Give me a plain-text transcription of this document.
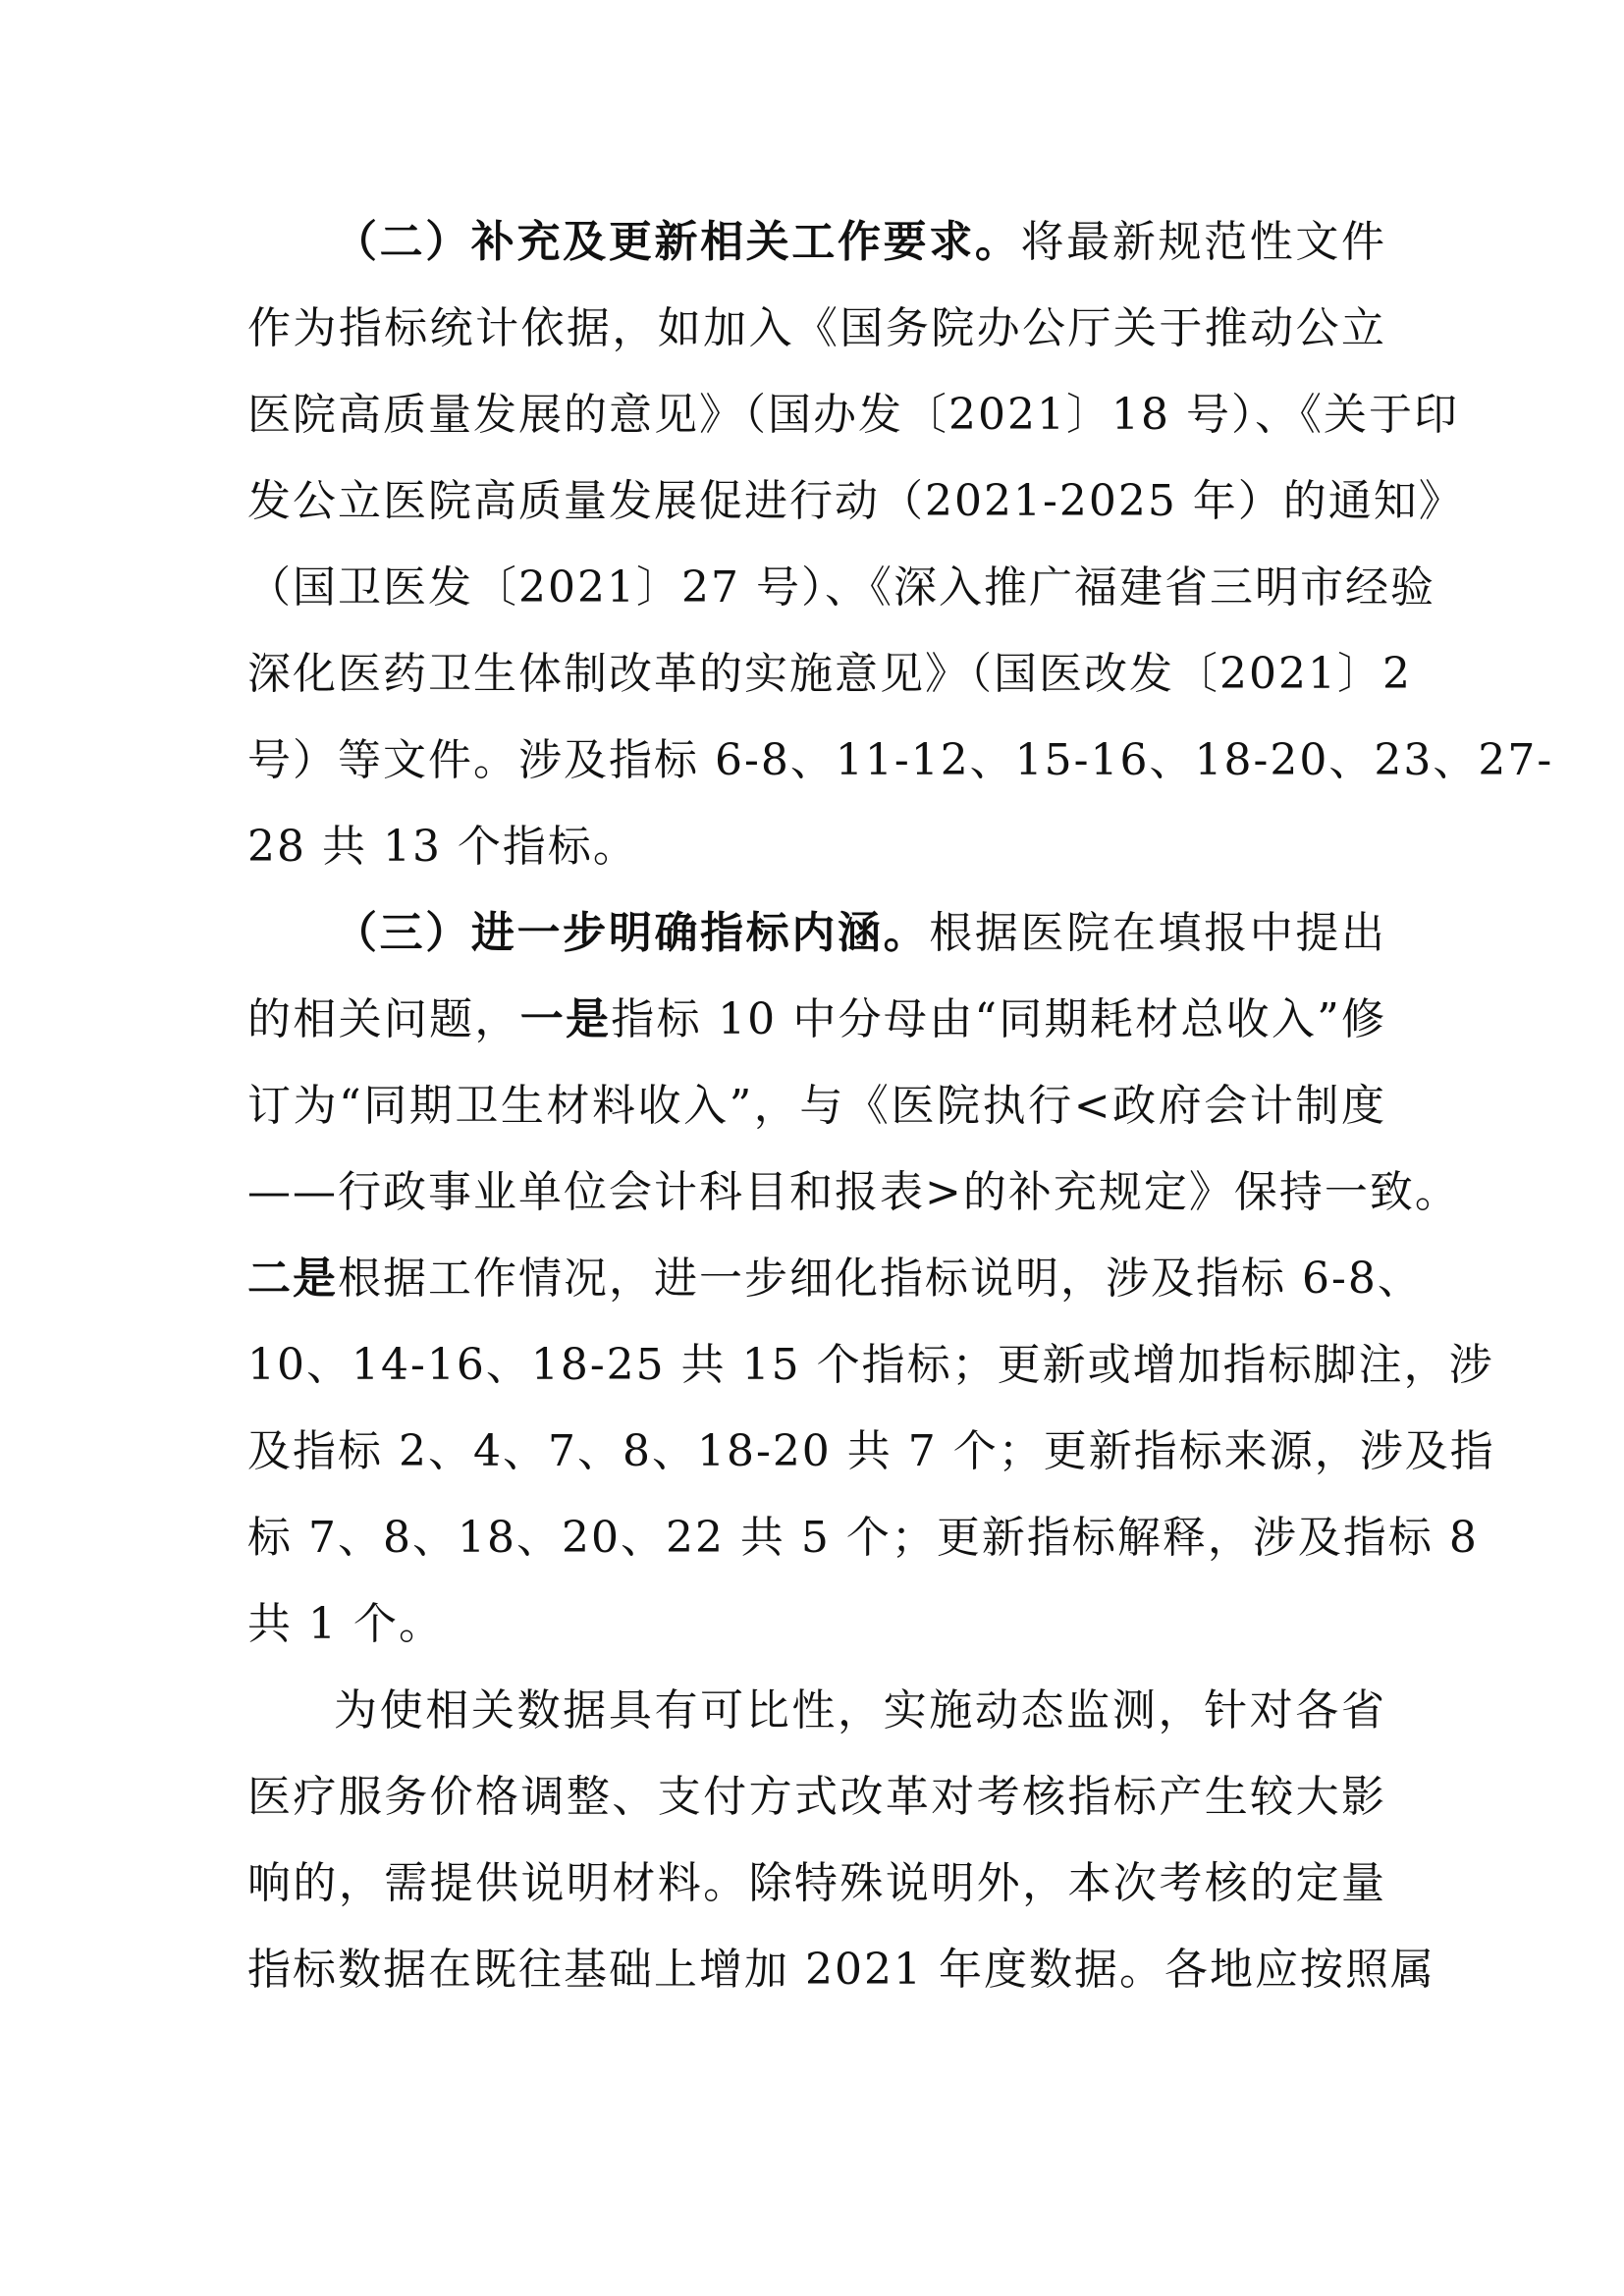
（二）补充及更新相关工作要求。将最新规范性文件
作为指标统计依据，如加入《国务院办公厅关于推动公立
医院高质量发展的意见》（国办发〔2021〕18 号）、《关于印
发公立医院高质量发展促进行动（2021-2025 年）的通知》
（国卫医发〔2021〕27 号）、《深入推广福建省三明市经验
深化医药卫生体制改革的实施意见》（国医改发〔2021〕2
号）等文件。涉及指标 6-8、11-12、15-16、18-20、23、27-
28 共 13 个指标。
（三）进一步明确指标内涵。根据医院在填报中提出
的相关问题，一是指标 10 中分母由“同期耗材总收入”修
订为“同期卫生材料收入”，与《医院执行<政府会计制度
——行政事业单位会计科目和报表>的补充规定》保持一致。
二是根据工作情况，进一步细化指标说明，涉及指标 6-8、
10、14-16、18-25 共 15 个指标；更新或增加指标脚注，涉
及指标 2、4、7、8、18-20 共 7 个；更新指标来源，涉及指
标 7、8、18、20、22 共 5 个；更新指标解释，涉及指标 8
共 1 个。
为使相关数据具有可比性，实施动态监测，针对各省
医疗服务价格调整、支付方式改革对考核指标产生较大影
响的，需提供说明材料。除特殊说明外，本次考核的定量
指标数据在既往基础上增加 2021 年度数据。各地应按照属
